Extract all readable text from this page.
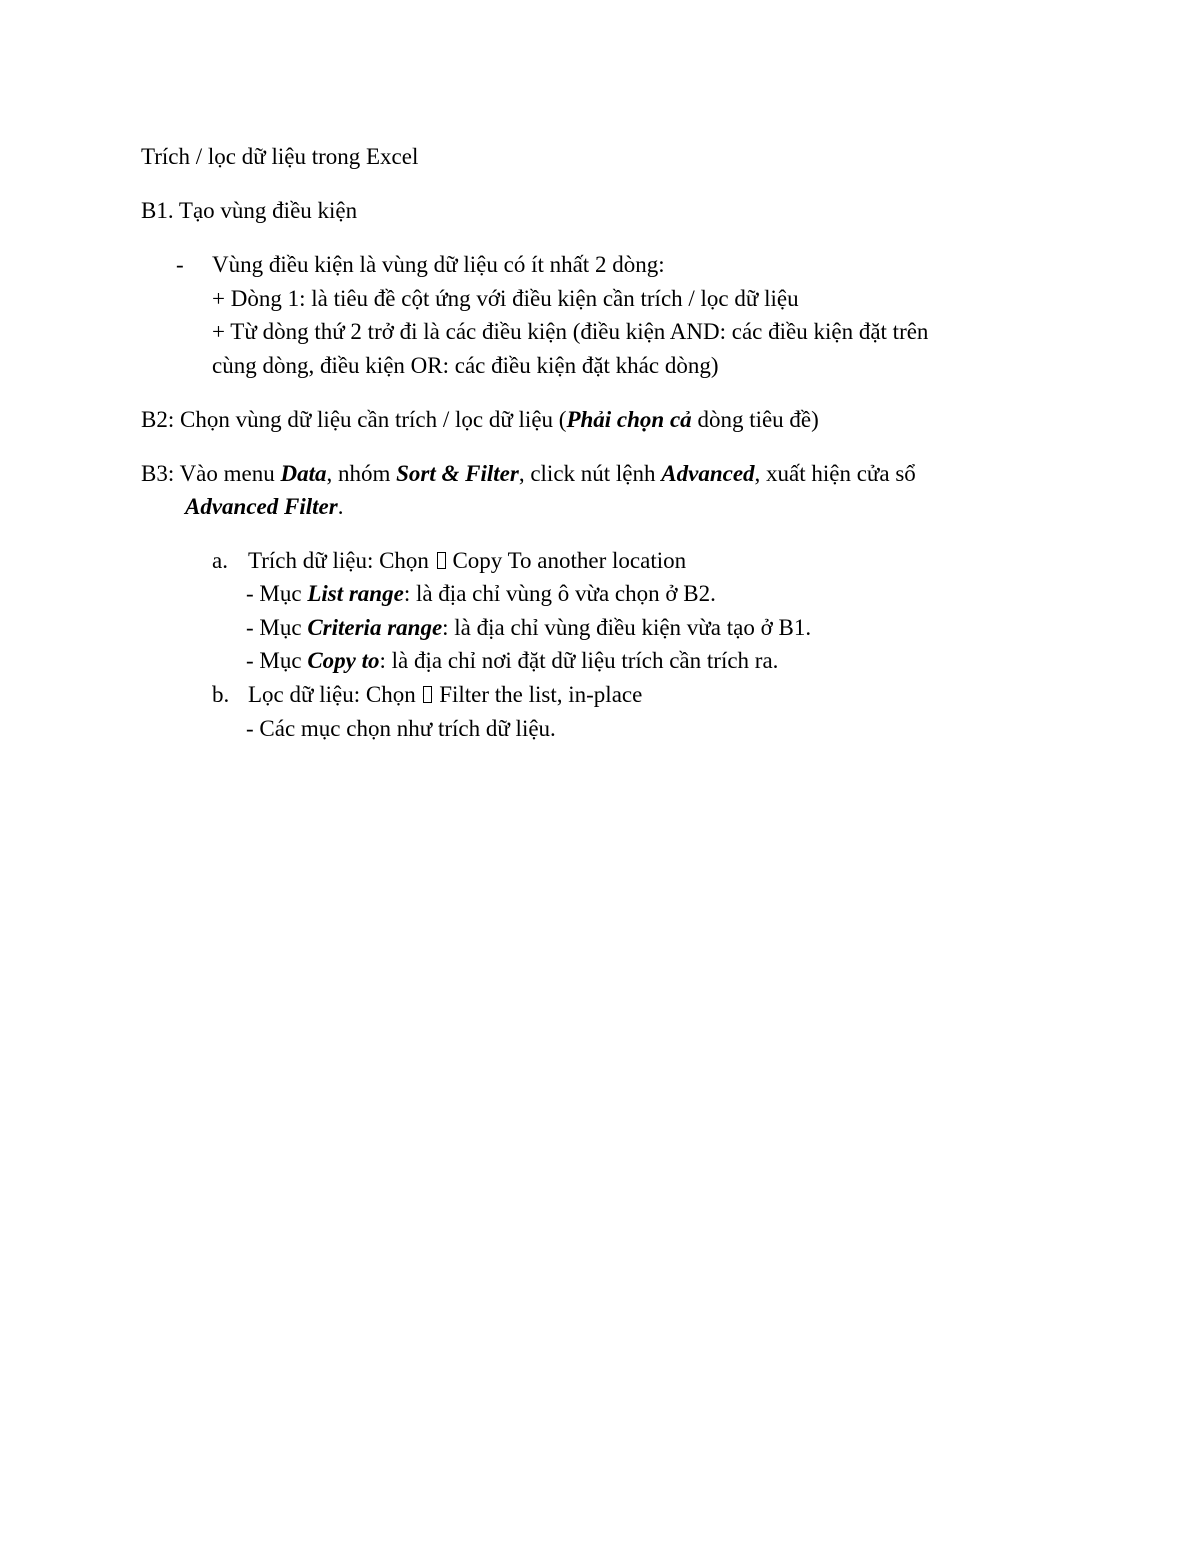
Trích / lọc dữ liệu trong Excel
B1. Tạo vùng điều kiện
- Vùng điều kiện là vùng dữ liệu có ít nhất 2 dòng:
+ Dòng 1: là tiêu đề cột ứng với điều kiện cần trích / lọc dữ liệu
+ Từ dòng thứ 2 trở đi là các điều kiện (điều kiện AND: các điều kiện đặt trên
cùng dòng, điều kiện OR: các điều kiện đặt khác dòng)
B2: Chọn vùng dữ liệu cần trích / lọc dữ liệu (Phải chọn cả dòng tiêu đề)
B3: Vào menu Data, nhóm Sort & Filter, click nút lệnh Advanced, xuất hiện cửa sổ
Advanced Filter.
a. Trích dữ liệu: Chọn  Copy To another location
- Mục List range: là địa chỉ vùng ô vừa chọn ở B2.
- Mục Criteria range: là địa chỉ vùng điều kiện vừa tạo ở B1.
- Mục Copy to: là địa chỉ nơi đặt dữ liệu trích cần trích ra.
b. Lọc dữ liệu: Chọn  Filter the list, in-place
- Các mục chọn như trích dữ liệu.
